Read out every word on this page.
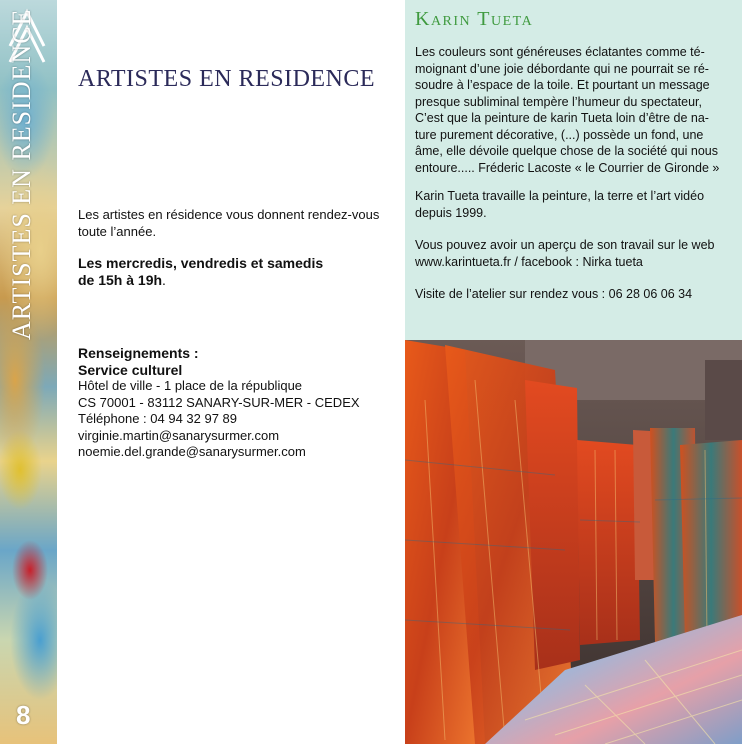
ARTISTES EN RESIDENCE
8
ARTISTES EN RESIDENCE
Les artistes en résidence vous donnent rendez-vous toute l’année.
Les mercredis, vendredis et samedis
de 15h à 19h.
Renseignements :
Service culturel
Hôtel de ville - 1 place de la république
CS 70001 - 83112 SANARY-SUR-MER - CEDEX
Téléphone : 04 94 32 97 89
virginie.martin@sanarysurmer.com
noemie.del.grande@sanarysurmer.com
Karin Tueta
Les couleurs sont généreuses éclatantes comme té-
moignant d’une joie débordante qui ne pourrait se ré-
soudre à l’espace de la toile. Et pourtant un message
presque subliminal tempère l’humeur du spectateur,
C’est que la peinture de karin Tueta loin d’être de na-
ture purement décorative, (...) possède un fond, une
âme, elle dévoile quelque chose de la société qui nous
entoure..... Fréderic Lacoste « le Courrier de Gironde »
Karin Tueta travaille la peinture, la terre et l’art vidéo depuis 1999.
Vous pouvez avoir un aperçu de son travail sur le web www.karintueta.fr / facebook : Nirka tueta
Visite de l’atelier sur rendez vous : 06 28 06 06 34
